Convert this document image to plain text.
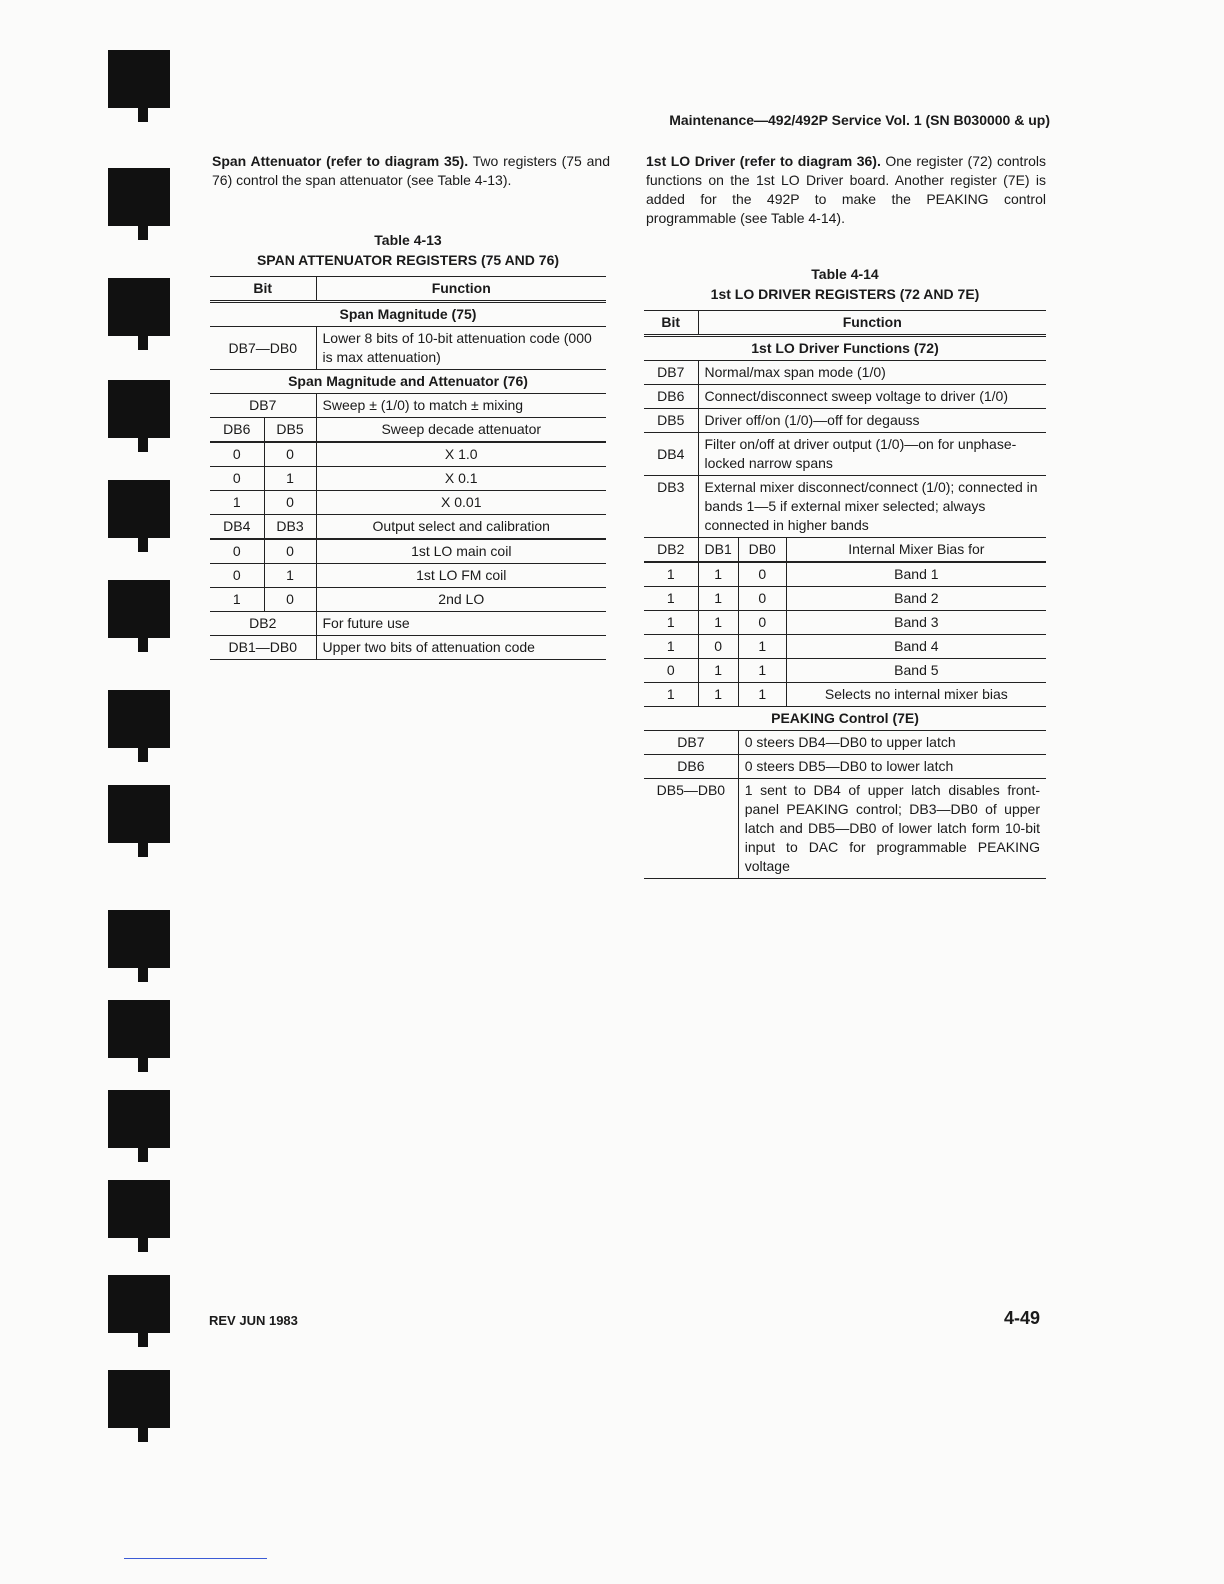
Maintenance—492/492P Service Vol. 1 (SN B030000 & up)
Span Attenuator (refer to diagram 35). Two registers (75 and 76) control the span attenuator (see Table 4-13).
1st LO Driver (refer to diagram 36). One register (72) controls functions on the 1st LO Driver board. Another register (7E) is added for the 492P to make the PEAKING control programmable (see Table 4-14).
Table 4-13
SPAN ATTENUATOR REGISTERS (75 AND 76)
Bit		Function
Span Magnitude (75)		
DB7—DB0		Lower 8 bits of 10-bit attenuation code (000 is max attenuation)
Span Magnitude and Attenuator (76)		
DB7		Sweep ± (1/0) to match ± mixing
DB6	DB5	Sweep decade attenuator
0	0	X 1.0
0	1	X 0.1
1	0	X 0.01
DB4	DB3	Output select and calibration
0	0	1st LO main coil
0	1	1st LO FM coil
1	0	2nd LO
DB2		For future use
DB1—DB0		Upper two bits of attenuation code
Table 4-14
1st LO DRIVER REGISTERS (72 AND 7E)
Bit	Function		
1st LO Driver Functions (72)			
DB7	Normal/max span mode (1/0)		
DB6	Connect/disconnect sweep voltage to driver (1/0)		
DB5	Driver off/on (1/0)—off for degauss		
DB4	Filter on/off at driver output (1/0)—on for unphase-locked narrow spans		
DB3	External mixer disconnect/connect (1/0); connected in bands 1—5 if external mixer selected; always connected in higher bands		
DB2	DB1	DB0	Internal Mixer Bias for
1	1	0	Band 1
1	1	0	Band 2
1	1	0	Band 3
1	0	1	Band 4
0	1	1	Band 5
1	1	1	Selects no internal mixer bias
PEAKING Control (7E)			
DB7		0 steers DB4—DB0 to upper latch	
DB6		0 steers DB5—DB0 to lower latch	
DB5—DB0		1 sent to DB4 of upper latch disables front-panel PEAKING control; DB3—DB0 of upper latch and DB5—DB0 of lower latch form 10-bit input to DAC for programmable PEAKING voltage	
REV JUN 1983	4-49
